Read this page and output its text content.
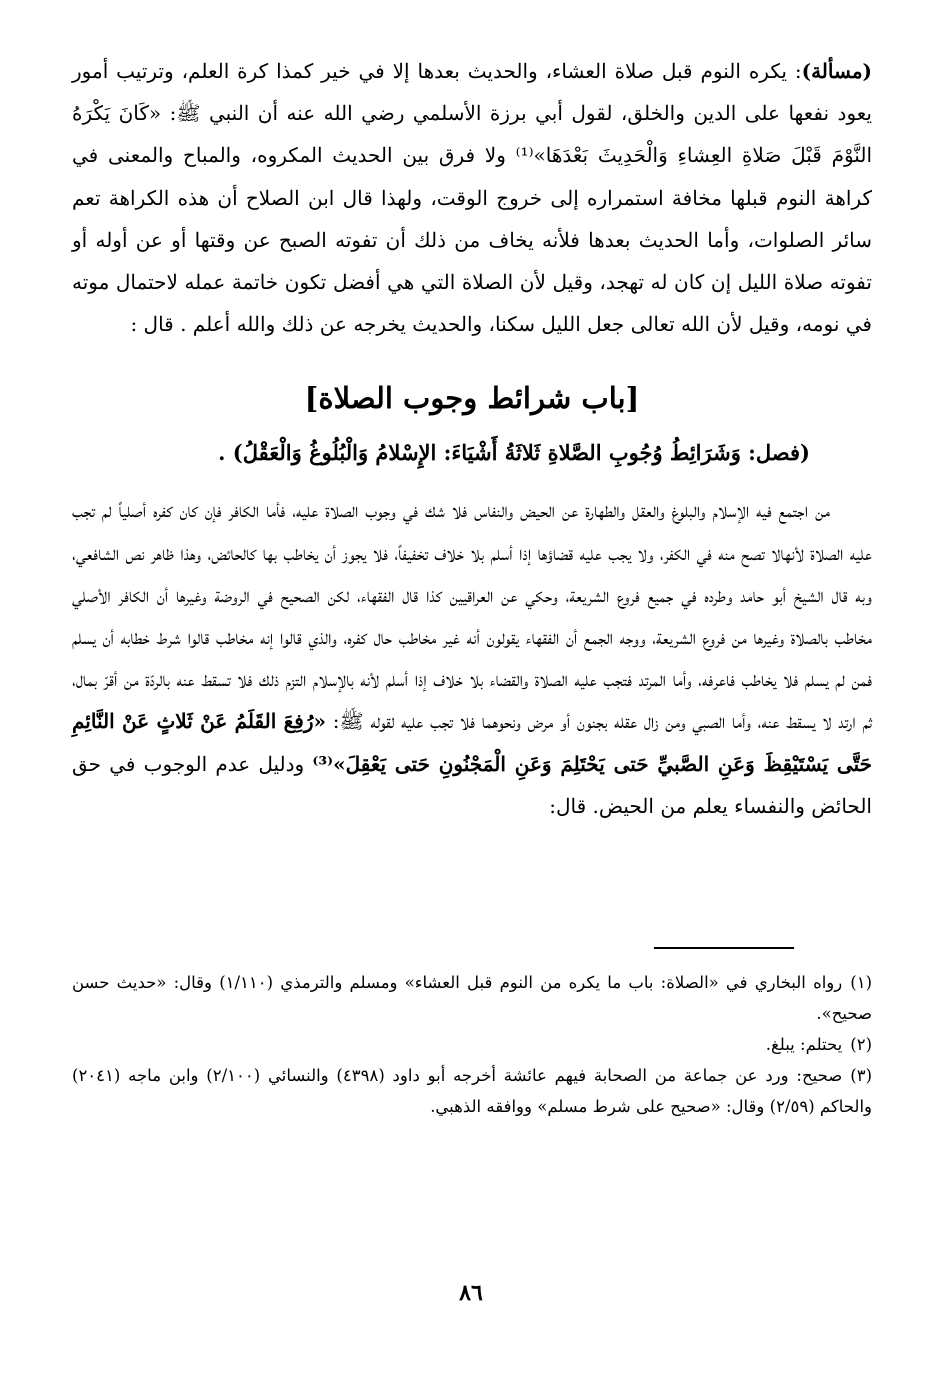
(مسألة): يكره النوم قبل صلاة العشاء، والحديث بعدها إلا في خير كمذا كرة العلم، وترتيب أمور يعود نفعها على الدين والخلق، لقول أبي برزة الأسلمي رضي الله عنه أن النبي ﷺ: «كَانَ يَكْرَهُ النَّوْمَ قَبْلَ صَلاةِ العِشاءِ وَالْحَدِيثَ بَعْدَهَا»⁽¹⁾ ولا فرق بين الحديث المكروه، والمباح والمعنى في كراهة النوم قبلها مخافة استمراره إلى خروج الوقت، ولهذا قال ابن الصلاح أن هذه الكراهة تعم سائر الصلوات، وأما الحديث بعدها فلأنه يخاف من ذلك أن تفوته الصبح عن وقتها أو عن أوله أو تفوته صلاة الليل إن كان له تهجد، وقيل لأن الصلاة التي هي أفضل تكون خاتمة عمله لاحتمال موته في نومه، وقيل لأن الله تعالى جعل الليل سكنا، والحديث يخرجه عن ذلك والله أعلم . قال :

[باب شرائط وجوب الصلاة]
(فصل: وَشَرَائِطُ وُجُوبِ الصَّلاةِ ثَلاثَةُ أَشْيَاءَ: الإِسْلامُ وَالْبُلُوغُ وَالْعَقْلُ) .

من اجتمع فيه الإسلام والبلوغ والعقل والطهارة عن الحيض والنفاس فلا شك في وجوب الصلاة عليه، فأما الكافر فإن كان كفره أصلياً لم تجب عليه الصلاة لأنهالا تصح منه في الكفر، ولا يجب عليه قضاؤها إذا أسلم بلا خلاف تخفيفاً، فلا يجوز أن يخاطب بها كالحائض، وهذا ظاهر نص الشافعي، وبه قال الشيخ أبو حامد وطرده في جميع فروع الشريعة، وحكي عن العراقيين كذا قال الفقهاء، لكن الصحيح في الروضة وغيرها أن الكافر الأصلي مخاطب بالصلاة وغيرها من فروع الشريعة، ووجه الجمع أن الفقهاء يقولون أنه غير مخاطب حال كفره، والذي قالوا إنه مخاطب قالوا شرط خطابه أن يسلم فمن لم يسلم فلا يخاطب فاعرفه، وأما المرتد فتجب عليه الصلاة والقضاء بلا خلاف إذا أسلم لأنه بالإسلام التزم ذلك فلا تسقط عنه بالردّة من أقرّ بمال، ثم ارتد لا يسقط عنه، وأما الصبي ومن زال عقله بجنون أو مرض ونحوهما فلا تجب عليه لقوله ﷺ: «رُفِعَ القَلَمُ عَنْ ثَلاثٍ عَنْ النَّائِمِ حَتَّى يَسْتَيْقِظَ وَعَنِ الصَّبيِّ حَتى يَحْتَلِمَ وَعَنِ الْمَجْنُونِ حَتى يَعْقِلَ»⁽³⁾ ودليل عدم الوجوب في حق الحائض والنفساء يعلم من الحيض. قال:

(١)رواه البخاري في «الصلاة: باب ما يكره من النوم قبل العشاء» ومسلم والترمذي (١/١١٠) وقال: «حديث حسن صحيح».

(٢)يحتلم: يبلغ.

(٣)صحيح: ورد عن جماعة من الصحابة فيهم عائشة أخرجه أبو داود (٤٣٩٨) والنسائي (٢/١٠٠) وابن ماجه (٢٠٤١) والحاكم (٢/٥٩) وقال: «صحيح على شرط مسلم» ووافقه الذهبي.

٨٦
